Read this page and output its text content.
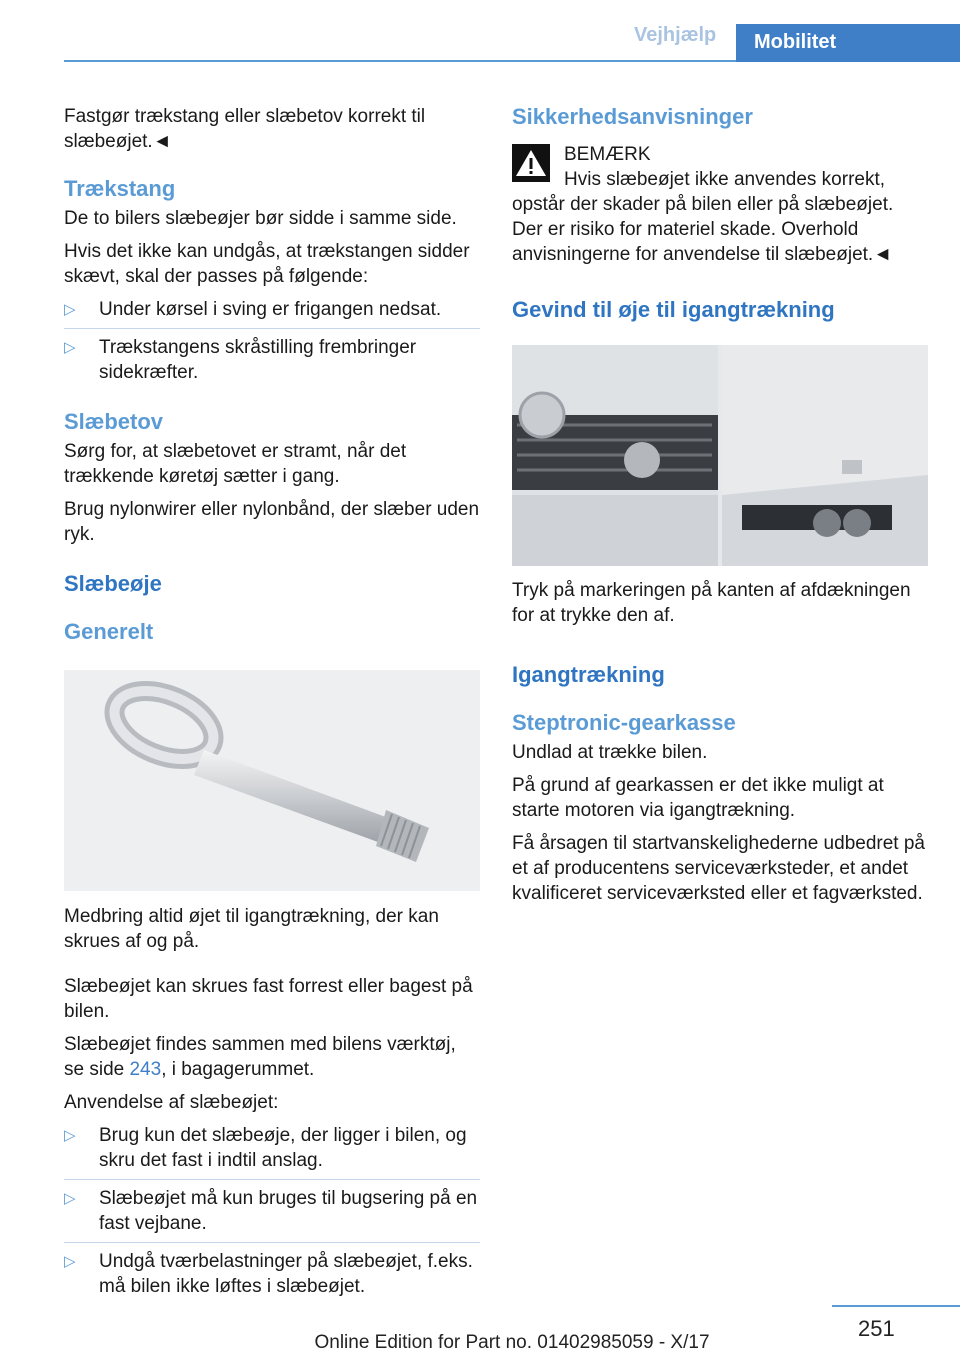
Vejhjælp	Mobilitet

Fastgør trækstang eller slæbetov korrekt til slæbeøjet.◄

Trækstang

De to bilers slæbeøjer bør sidde i samme side.

Hvis det ikke kan undgås, at trækstangen sidder skævt, skal der passes på følgende:

▷ Under kørsel i sving er frigangen nedsat.
▷ Trækstangens skråstilling frembringer sidekræfter.
Slæbetov

Sørg for, at slæbetovet er stramt, når det trækkende køretøj sætter i gang.

Brug nylonwirer eller nylonbånd, der slæber uden ryk.

Slæbeøje
Generelt

Medbring altid øjet til igangtrækning, der kan skrues af og på.

Slæbeøjet kan skrues fast forrest eller bagest på bilen.

Slæbeøjet findes sammen med bilens værktøj, se side 243, i bagagerummet.

Anvendelse af slæbeøjet:

▷ Brug kun det slæbeøje, der ligger i bilen, og skru det fast i indtil anslag.
▷ Slæbeøjet må kun bruges til bugsering på en fast vejbane.
▷ Undgå tværbelastninger på slæbeøjet, f.eks. må bilen ikke løftes i slæbeøjet.
Sikkerhedsanvisninger
BEMÆRK
Hvis slæbeøjet ikke anvendes korrekt, opstår der skader på bilen eller på slæbeøjet. Der er risiko for materiel skade. Overhold anvisningerne for anvendelse til slæbeøjet.◄
Gevind til øje til igangtrækning

Tryk på markeringen på kanten af afdækningen for at trykke den af.

Igangtrækning
Steptronic-gearkasse

Undlad at trække bilen.

På grund af gearkassen er det ikke muligt at starte motoren via igangtrækning.

Få årsagen til startvanskelighederne udbedret på et af producentens serviceværksteder, et andet kvalificeret serviceværksted eller et fagværksted.

251
Online Edition for Part no. 01402985059 - X/17
